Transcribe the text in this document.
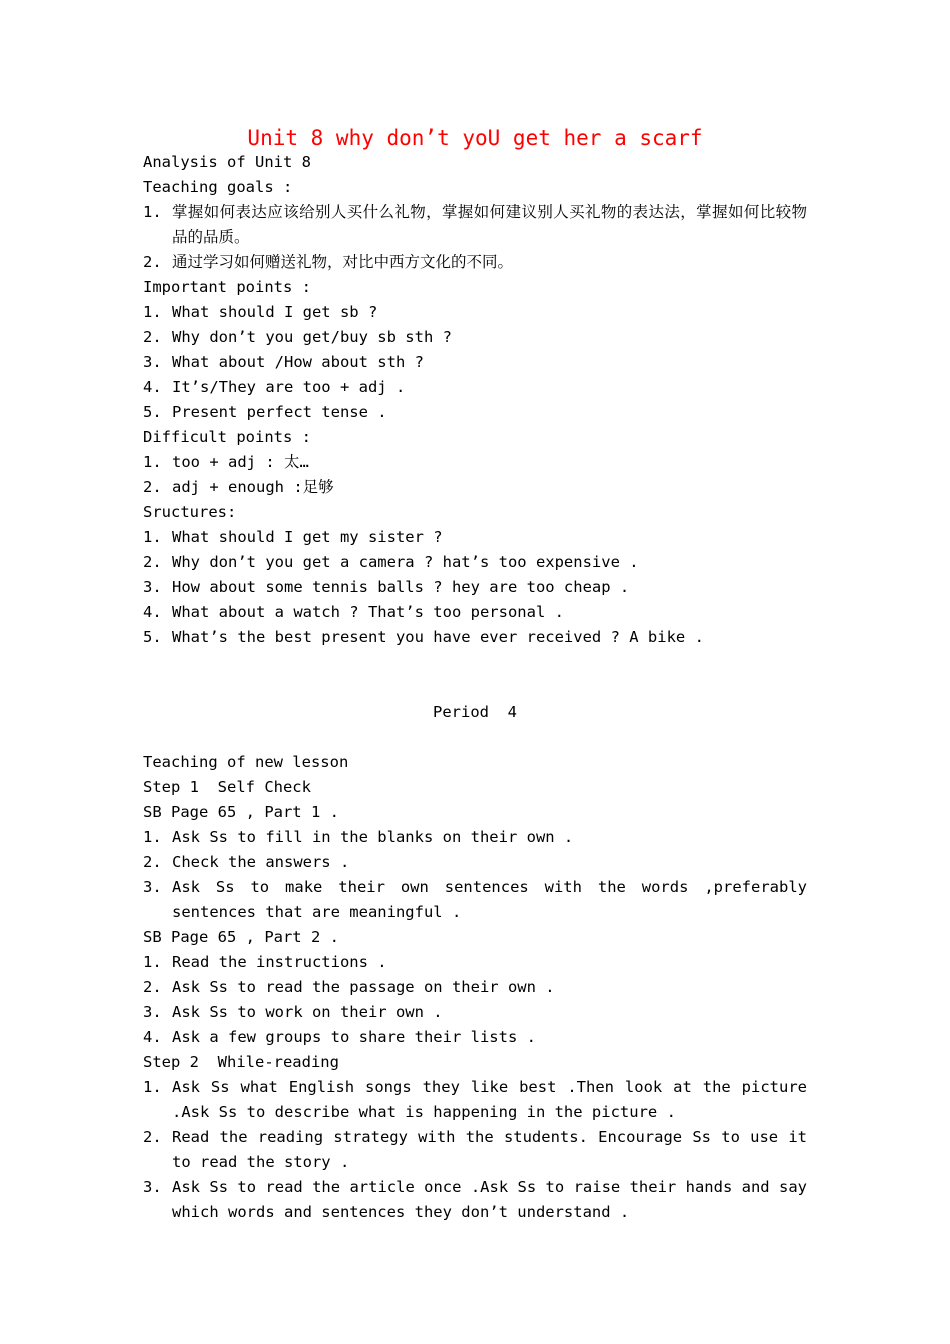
Unit 8 why don’t yoU get her a scarf
Analysis of Unit 8
Teaching goals :
1. 掌握如何表达应该给别人买什么礼物，掌握如何建议别人买礼物的表达法，掌握如何比较物品的品质。
2. 通过学习如何赠送礼物，对比中西方文化的不同。
Important points :
1. What should I get sb ?
2. Why don’t you get/buy sb sth ?
3. What about /How about sth ?
4. It’s/They are too + adj .
5. Present perfect tense .
Difficult points :
1. too + adj : 太…
2. adj + enough :足够
Sructures:
1. What should I get my sister ?
2. Why don’t you get a camera ? hat’s too expensive .
3. How about some tennis balls ? hey are too cheap .
4. What about a watch ? That’s too personal .
5. What’s the best present you have ever received ? A bike .
Period  4
Teaching of new lesson
Step 1  Self Check
SB Page 65 , Part 1 .
1. Ask Ss to fill in the blanks on their own .
2. Check the answers .
3. Ask Ss to make their own sentences with the words ,preferably sentences that are meaningful .
SB Page 65 , Part 2 .
1. Read the instructions .
2. Ask Ss to read the passage on their own .
3. Ask Ss to work on their own .
4. Ask a few groups to share their lists .
Step 2  While-reading
1. Ask Ss what English songs they like best .Then look at the picture .Ask Ss to describe what is happening in the picture .
2. Read the reading strategy with the students. Encourage Ss to use it to read the story .
3. Ask Ss to read the article once .Ask Ss to raise their hands and say which words and sentences they don’t understand .
